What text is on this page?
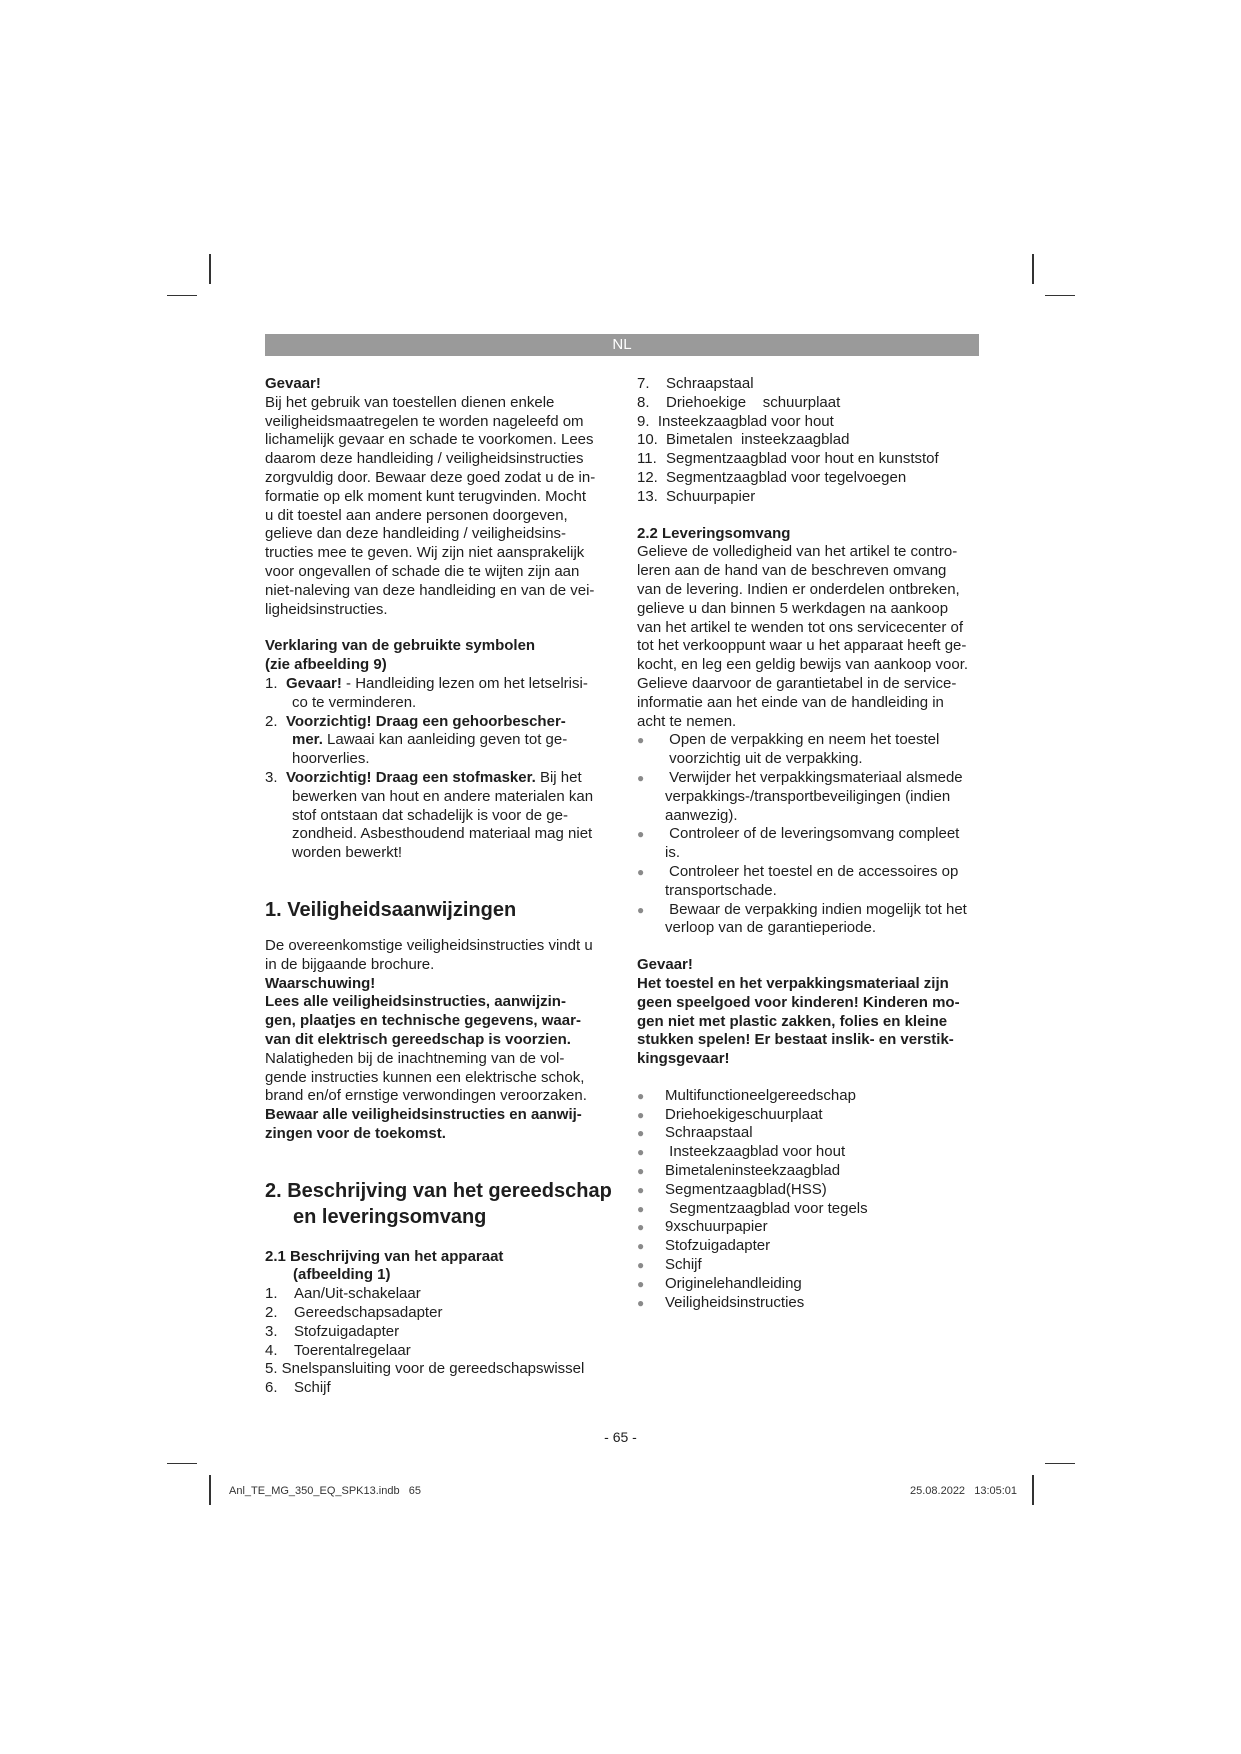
NL

Gevaar!

Bij het gebruik van toestellen dienen enkele

veiligheidsmaatregelen te worden nageleefd om

lichamelijk gevaar en schade te voorkomen. Lees

daarom deze handleiding / veiligheidsinstructies

zorgvuldig door. Bewaar deze goed zodat u de in-

formatie op elk moment kunt terugvinden. Mocht

u dit toestel aan andere personen doorgeven,

gelieve dan deze handleiding / veiligheidsins-

tructies mee te geven. Wij zijn niet aansprakelijk

voor ongevallen of schade die te wijten zijn aan

niet-naleving van deze handleiding en van de vei-

ligheidsinstructies.

Verklaring van de gebruikte symbolen

(zie afbeelding 9)

1. Gevaar! - Handleiding lezen om het letselrisi-

co te verminderen.

2. Voorzichtig! Draag een gehoorbescher-

mer. Lawaai kan aanleiding geven tot ge-

hoorverlies.

3. Voorzichtig! Draag een stofmasker. Bij het

bewerken van hout en andere materialen kan

stof ontstaan dat schadelijk is voor de ge-

zondheid. Asbesthoudend materiaal mag niet

worden bewerkt!

1. Veiligheidsaanwijzingen

De overeenkomstige veiligheidsinstructies vindt u

in de bijgaande brochure.

Waarschuwing!

Lees alle veiligheidsinstructies, aanwijzin-

gen, plaatjes en technische gegevens, waar-

van dit elektrisch gereedschap is voorzien.

Nalatigheden bij de inachtneming van de vol-

gende instructies kunnen een elektrische schok,

brand en/of ernstige verwondingen veroorzaken.

Bewaar alle veiligheidsinstructies en aanwij-

zingen voor de toekomst.

2. Beschrijving van het gereedschap

en leveringsomvang

2.1 Beschrijving van het apparaat

(afbeelding 1)

1.	Aan/Uit-schakelaar
2.	Gereedschapsadapter
3.	Stofzuigadapter
4.	Toerentalregelaar

5. Snelspansluiting voor de gereedschapswissel

6.	Schijf
7.	Schraapstaal
8.	Driehoekige    schuurplaat

9.  Insteekzaagblad voor hout

10. Bimetalen  insteekzaagblad
11. Segmentzaagblad voor hout en kunststof
12. Segmentzaagblad voor tegelvoegen
13. Schuurpapier

2.2 Leveringsomvang

Gelieve de volledigheid van het artikel te contro-

leren aan de hand van de beschreven omvang

van de levering. Indien er onderdelen ontbreken,

gelieve u dan binnen 5 werkdagen na aankoop

van het artikel te wenden tot ons servicecenter of

tot het verkooppunt waar u het apparaat heeft ge-

kocht, en leg een geldig bewijs van aankoop voor.

Gelieve daarvoor de garantietabel in de service-

informatie aan het einde van de handleiding in

acht te nemen.

●	Open de verpakking en neem het toestel

voorzichtig uit de verpakking.

●	Verwijder het verpakkingsmateriaal alsmede

verpakkings-/transportbeveiligingen (indien

aanwezig).

●	Controleer of de leveringsomvang compleet

is.

●	Controleer het toestel en de accessoires op

transportschade.

●	Bewaar de verpakking indien mogelijk tot het

verloop van de garantieperiode.

Gevaar!

Het toestel en het verpakkingsmateriaal zijn

geen speelgoed voor kinderen! Kinderen mo-

gen niet met plastic zakken, folies en kleine

stukken spelen! Er bestaat inslik- en verstik-

kingsgevaar!

●	Multifunctioneelgereedschap

●	Driehoekigeschuurplaat

●	Schraapstaal

●	Insteekzaagblad voor hout

●	Bimetaleninsteekzaagblad

●	Segmentzaagblad(HSS)

●	Segmentzaagblad voor tegels

●	9xschuurpapier

●	Stofzuigadapter

●	Schijf

●	Originelehandleiding

●	Veiligheidsinstructies

- 65 -
Anl_TE_MG_350_EQ_SPK13.indb   65	25.08.2022   13:05:01
